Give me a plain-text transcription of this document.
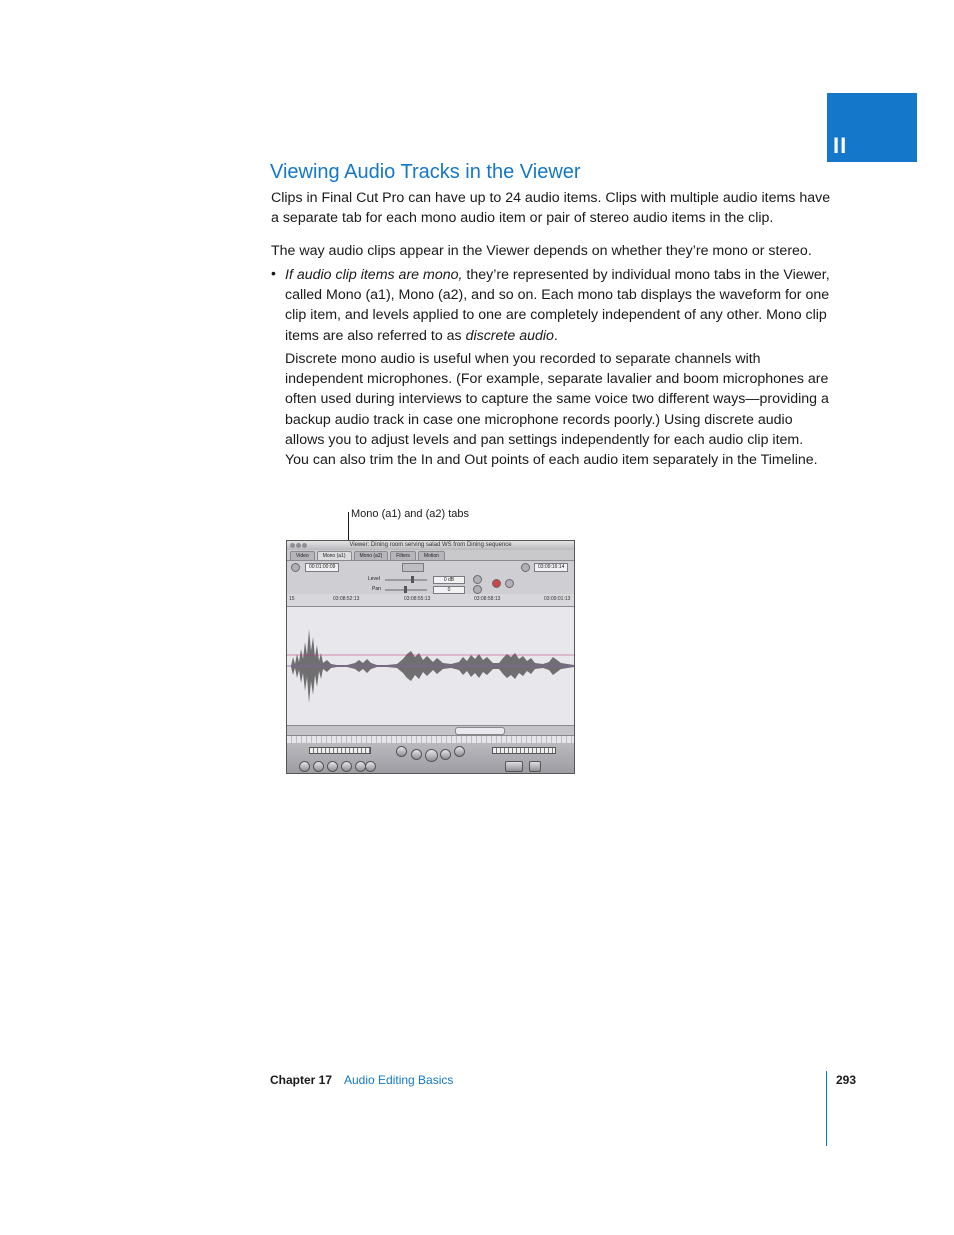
II
Viewing Audio Tracks in the Viewer

Clips in Final Cut Pro can have up to 24 audio items. Clips with multiple audio items have a separate tab for each mono audio item or pair of stereo audio items in the clip.

The way audio clips appear in the Viewer depends on whether they’re mono or stereo.

• If audio clip items are mono, they’re represented by individual mono tabs in the Viewer, called Mono (a1), Mono (a2), and so on. Each mono tab displays the waveform for one clip item, and levels applied to one are completely independent of any other. Mono clip items are also referred to as discrete audio.

Discrete mono audio is useful when you recorded to separate channels with independent microphones. (For example, separate lavalier and boom microphones are often used during interviews to capture the same voice two different ways—providing a backup audio track in case one microphone records poorly.) Using discrete audio allows you to adjust levels and pan settings independently for each audio clip item. You can also trim the In and Out points of each audio item separately in the Timeline.

Mono (a1) and (a2) tabs
Viewer: Dining room serving salad WS from Dining sequence
Video	Mono (a1)	Mono (a2)	Filters	Motion
00:01:00:09	03:09:16:14
Level	0 dB
Pan	0
15	03:08:52:13	03:08:55:13	03:08:58:13	03:09:01:13
Chapter 17 Audio Editing Basics	293
